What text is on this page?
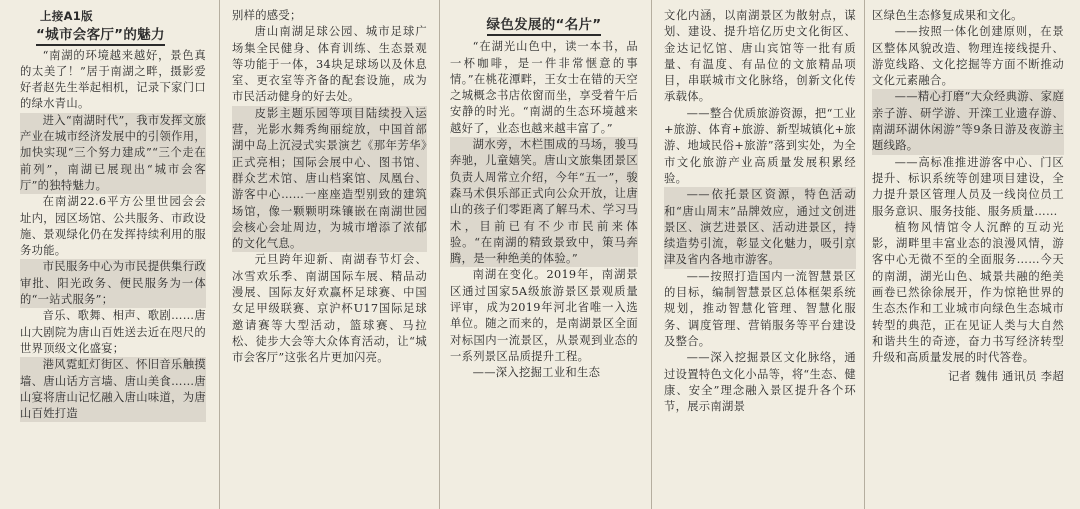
上接A1版
“城市会客厅”的魅力

“南湖的环境越来越好，景色真的太美了！”居于南湖之畔，摄影爱好者赵先生举起相机，记录下家门口的绿水青山。

进入“南湖时代”，我市发挥文旅产业在城市经济发展中的引领作用，加快实现“三个努力建成”“三个走在前列”，南湖已展现出“城市会客厅”的独特魅力。

在南湖22.6平方公里世园会会址内，园区场馆、公共服务、市政设施、景观绿化仍在发挥持续利用的服务功能。

市民服务中心为市民提供集行政审批、阳光政务、便民服务为一体的“一站式服务”；

音乐、歌舞、相声、歌剧……唐山大剧院为唐山百姓送去近在咫尺的世界顶级文化盛宴；

港风霓虹灯街区、怀旧音乐触摸墙、唐山话方言墙、唐山美食……唐山宴将唐山记忆融入唐山味道，为唐山百姓打造

别样的感受；

唐山南湖足球公园、城市足球广场集全民健身、体育训练、生态景观等功能于一体，34块足球场以及休息室、更衣室等齐备的配套设施，成为市民活动健身的好去处。

皮影主题乐园等项目陆续投入运营，光影水舞秀绚丽绽放，中国首部湖中岛上沉浸式实景演艺《那年芳华》正式亮相；国际会展中心、图书馆、群众艺术馆、唐山档案馆、凤凰台、游客中心……一座座造型别致的建筑场馆，像一颗颗明珠镶嵌在南湖世园会核心会址周边，为城市增添了浓郁的文化气息。

元旦跨年迎新、南湖春节灯会、冰雪欢乐季、南湖国际车展、精品动漫展、国际友好欢赢杯足球赛、中国女足甲级联赛、京沪杯U17国际足球邀请赛等大型活动，篮球赛、马拉松、徒步大会等大众体育活动，让“城市会客厅”这张名片更加闪亮。

绿色发展的“名片”

“在湖光山色中，读一本书，品一杯咖啡，是一件非常惬意的事情。”在桃花潭畔，王女士在错的天空之城概念书店依窗而坐，享受着午后安静的时光。“南湖的生态环境越来越好了，业态也越来越丰富了。”

湖水旁，木栏围成的马场，骏马奔驰，儿童嬉笑。唐山文旅集团景区负责人周常立介绍，今年“五一”，骏森马术俱乐部正式向公众开放，让唐山的孩子们零距离了解马术、学习马术，目前已有不少市民前来体验。“在南湖的精致景致中，策马奔腾，是一种绝美的体验。”

南湖在变化。2019年，南湖景区通过国家5A级旅游景区景观质量评审，成为2019年河北省唯一入选单位。随之而来的，是南湖景区全面对标国内一流景区，从景观到业态的一系列景区品质提升工程。

——深入挖掘工业和生态

文化内涵，以南湖景区为散射点，谋划、建设、提升培亿历史文化街区、金达记忆馆、唐山宾馆等一批有质量、有温度、有品位的文旅精品项目，串联城市文化脉络，创新文化传承载体。

——整合优质旅游资源，把“工业+旅游、体育+旅游、新型城镇化+旅游、地域民俗+旅游”落到实处，为全市文化旅游产业高质量发展积累经验。

——依托景区资源，特色活动和“唐山周末”品牌效应，通过文创进景区、演艺进景区、活动进景区，持续造势引流，彰显文化魅力，吸引京津及省内各地市游客。

——按照打造国内一流智慧景区的目标，编制智慧景区总体框架系统规划，推动智慧化管理、智慧化服务、调度管理、营销服务等平台建设及整合。

——深入挖掘景区文化脉络，通过设置特色文化小品等，将“生态、健康、安全”理念融入景区提升各个环节，展示南湖景

区绿色生态修复成果和文化。

——按照一体化创建原则，在景区整体风貌改造、物理连接线提升、游览线路、文化挖掘等方面不断推动文化元素融合。

——精心打磨“大众经典游、家庭亲子游、研学游、开滦工业遗存游、南湖环湖休闲游”等9条日游及夜游主题线路。

——高标准推进游客中心、门区提升、标识系统等创建项目建设，全力提升景区管理人员及一线岗位员工服务意识、服务技能、服务质量……

植物风情馆令人沉醉的互动光影，湖畔里丰富业态的浪漫风情，游客中心无微不至的全面服务……今天的南湖，湖光山色、城景共融的绝美画卷已然徐徐展开，作为惊艳世界的生态杰作和工业城市向绿色生态城市转型的典范，正在见证人类与大自然和谐共生的奇迹，奋力书写经济转型升级和高质量发展的时代答卷。

记者 魏伟 通讯员 李超
